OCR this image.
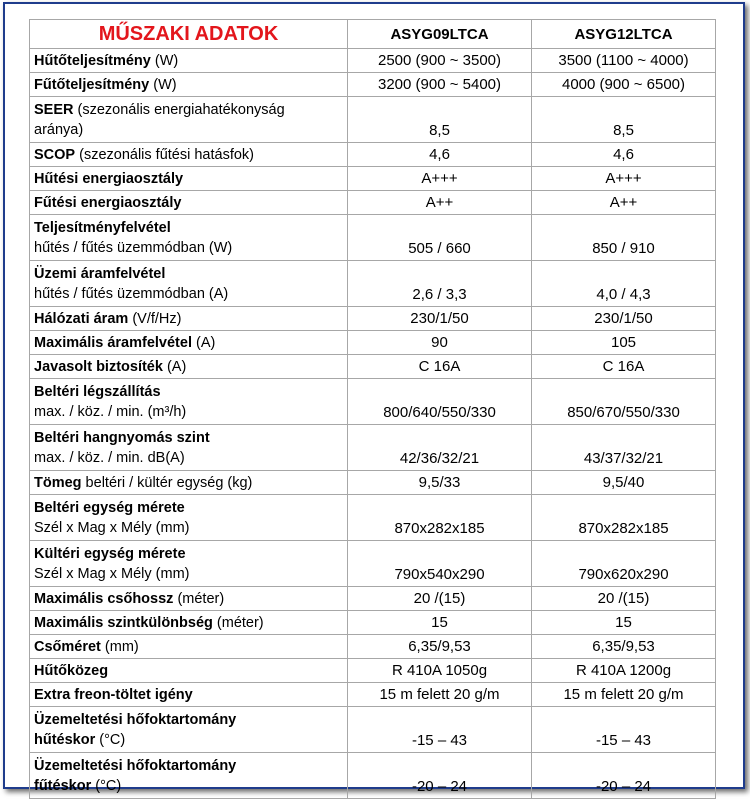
MŰSZAKI ADATOK	ASYG09LTCA	ASYG12LTCA

Hűtőteljesítmény (W)	2500 (900 ~ 3500)	3500 (1100 ~ 4000)

Fűtőteljesítmény (W)	3200 (900 ~ 5400)	4000 (900 ~ 6500)

SEER (szezonális energiahatékonyság
aránya)	8,5	8,5

SCOP (szezonális fűtési hatásfok)	4,6	4,6

Hűtési energiaosztály	A+++	A+++

Fűtési energiaosztály	A++	A++

Teljesítményfelvétel
hűtés / fűtés üzemmódban (W)	505 / 660	850 / 910

Üzemi áramfelvétel
hűtés / fűtés üzemmódban (A)	2,6 / 3,3	4,0 / 4,3

Hálózati áram (V/f/Hz)	230/1/50	230/1/50

Maximális áramfelvétel (A)	90	105

Javasolt biztosíték (A)	C 16A	C 16A

Beltéri légszállítás
max. / köz. / min. (m³/h)	800/640/550/330	850/670/550/330

Beltéri hangnyomás szint
max. / köz. / min. dB(A)	42/36/32/21	43/37/32/21

Tömeg beltéri / kültér egység (kg)	9,5/33	9,5/40

Beltéri egység mérete
Szél x Mag x Mély (mm)	870x282x185	870x282x185

Kültéri egység mérete
Szél x Mag x Mély (mm)	790x540x290	790x620x290

Maximális csőhossz (méter)	20 /(15)	20 /(15)

Maximális szintkülönbség (méter)	15	15

Csőméret (mm)	6,35/9,53	6,35/9,53

Hűtőközeg	R 410A 1050g	R 410A 1200g

Extra freon-töltet igény	15 m felett 20 g/m	15 m felett 20 g/m

Üzemeltetési hőfoktartomány
hűtéskor (°C)	-15 – 43	-15 – 43

Üzemeltetési hőfoktartomány
fűtéskor (°C)	-20 – 24	-20 – 24
